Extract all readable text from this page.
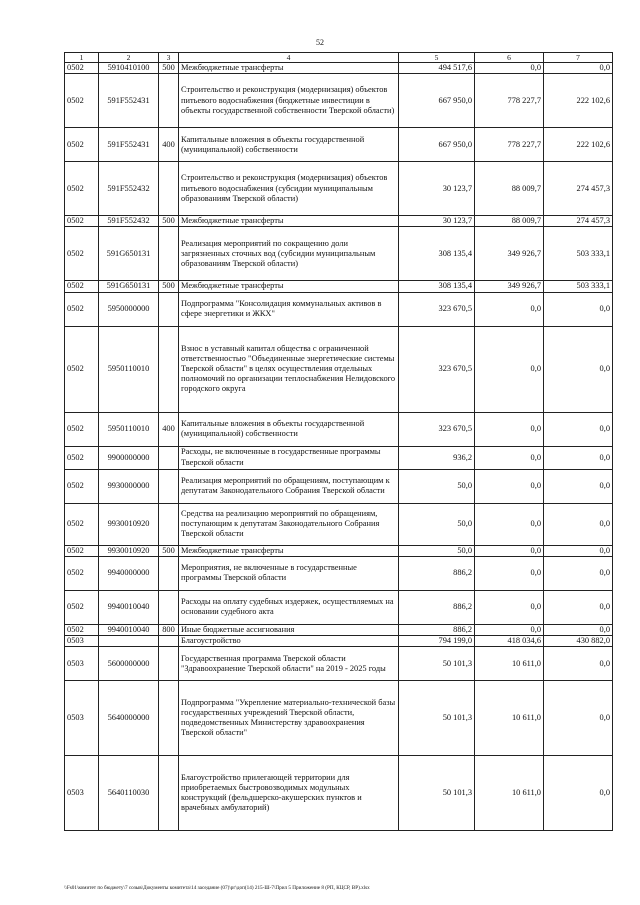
52
1	2	3	4	5	6	7
0502	5910410100	500	Межбюджетные трансферты	494 517,6	0,0	0,0
0502	591F552431		Строительство и реконструкция (модернизация) объектов питьевого водоснабжения (бюджетные инвестиции в объекты государственной собственности Тверской области)	667 950,0	778 227,7	222 102,6
0502	591F552431	400	Капитальные вложения в объекты государственной (муниципальной) собственности	667 950,0	778 227,7	222 102,6
0502	591F552432		Строительство и реконструкция (модернизация) объектов питьевого водоснабжения (субсидии муниципальным образованиям Тверской области)	30 123,7	88 009,7	274 457,3
0502	591F552432	500	Межбюджетные трансферты	30 123,7	88 009,7	274 457,3
0502	591G650131		Реализация мероприятий по сокращению доли загрязненных сточных вод (субсидии муниципальным образованиям Тверской области)	308 135,4	349 926,7	503 333,1
0502	591G650131	500	Межбюджетные трансферты	308 135,4	349 926,7	503 333,1
0502	5950000000		Подпрограмма "Консолидация коммунальных активов в сфере энергетики и ЖКХ"	323 670,5	0,0	0,0
0502	5950110010		Взнос в уставный капитал общества с ограниченной ответственностью "Объединенные энергетические системы Тверской области" в целях осуществления отдельных полномочий по организации теплоснабжения Нелидовского городского округа	323 670,5	0,0	0,0
0502	5950110010	400	Капитальные вложения в объекты государственной (муниципальной) собственности	323 670,5	0,0	0,0
0502	9900000000		Расходы, не включенные в государственные программы Тверской области	936,2	0,0	0,0
0502	9930000000		Реализация мероприятий по обращениям, поступающим к депутатам Законодательного Собрания Тверской области	50,0	0,0	0,0
0502	9930010920		Средства на реализацию мероприятий по обращениям, поступающим к депутатам Законодательного Собрания Тверской области	50,0	0,0	0,0
0502	9930010920	500	Межбюджетные трансферты	50,0	0,0	0,0
0502	9940000000		Мероприятия, не включенные в государственные программы Тверской области	886,2	0,0	0,0
0502	9940010040		Расходы на оплату судебных издержек, осуществляемых на основании судебного акта	886,2	0,0	0,0
0502	9940010040	800	Иные бюджетные ассигнования	886,2	0,0	0,0
0503			Благоустройство	794 199,0	418 034,6	430 882,0
0503	5600000000		Государственная программа Тверской области "Здравоохранение Тверской области" на 2019 - 2025 годы	50 101,3	10 611,0	0,0
0503	5640000000		Подпрограмма "Укрепление материально-технической базы государственных учреждений Тверской области, подведомственных Министерству здравоохранения Тверской области"	50 101,3	10 611,0	0,0
0503	5640110030		Благоустройство прилегающей территории для приобретаемых быстровозводимых модульных конструкций (фельдшерско-акушерских пунктов и врачебных амбулаторий)	50 101,3	10 611,0	0,0
\\Fs01\комитет по бюджету\7 созыв\Документы комитета\14 заседание (07)\рг\доп(14) 215-Ш-7\Прил 5 Приложение 8 (РП, КЦСР, ВР).xlsx
